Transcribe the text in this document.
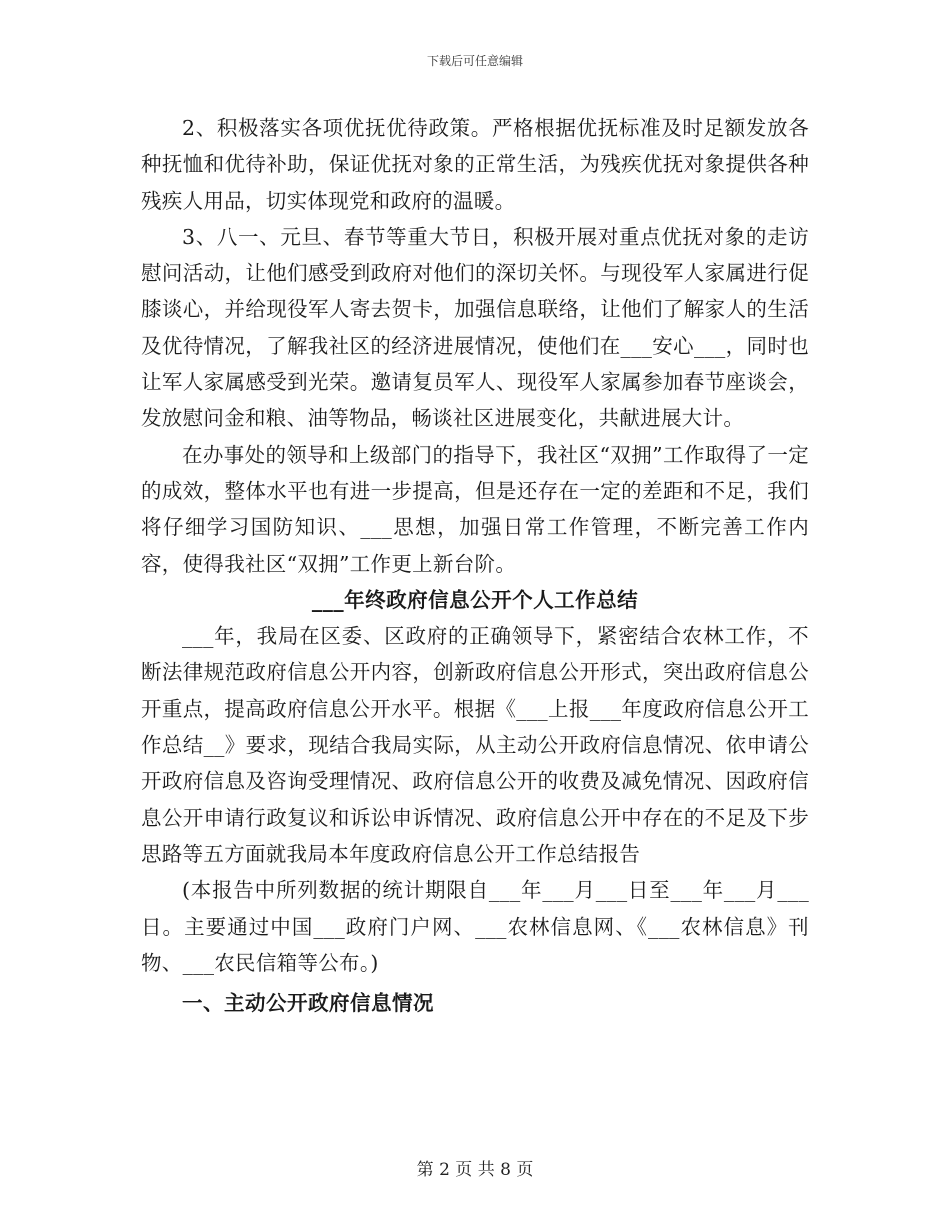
下载后可任意编辑

2、积极落实各项优抚优待政策。严格根据优抚标准及时足额发放各种抚恤和优待补助，保证优抚对象的正常生活，为残疾优抚对象提供各种残疾人用品，切实体现党和政府的温暖。

3、八一、元旦、春节等重大节日，积极开展对重点优抚对象的走访慰问活动，让他们感受到政府对他们的深切关怀。与现役军人家属进行促膝谈心，并给现役军人寄去贺卡，加强信息联络，让他们了解家人的生活及优待情况，了解我社区的经济进展情况，使他们在___安心___，同时也让军人家属感受到光荣。邀请复员军人、现役军人家属参加春节座谈会，发放慰问金和粮、油等物品，畅谈社区进展变化，共献进展大计。

在办事处的领导和上级部门的指导下，我社区“双拥”工作取得了一定的成效，整体水平也有进一步提高，但是还存在一定的差距和不足，我们将仔细学习国防知识、___思想，加强日常工作管理，不断完善工作内容，使得我社区“双拥”工作更上新台阶。

___年终政府信息公开个人工作总结

___年，我局在区委、区政府的正确领导下，紧密结合农林工作，不断法律规范政府信息公开内容，创新政府信息公开形式，突出政府信息公开重点，提高政府信息公开水平。根据《___上报___年度政府信息公开工作总结__》要求，现结合我局实际，从主动公开政府信息情况、依申请公开政府信息及咨询受理情况、政府信息公开的收费及减免情况、因政府信息公开申请行政复议和诉讼申诉情况、政府信息公开中存在的不足及下步思路等五方面就我局本年度政府信息公开工作总结报告

(本报告中所列数据的统计期限自___年___月___日至___年___月___日。主要通过中国___政府门户网、___农林信息网、《___农林信息》刊物、___农民信箱等公布。)

一、主动公开政府信息情况

第 2 页 共 8 页
